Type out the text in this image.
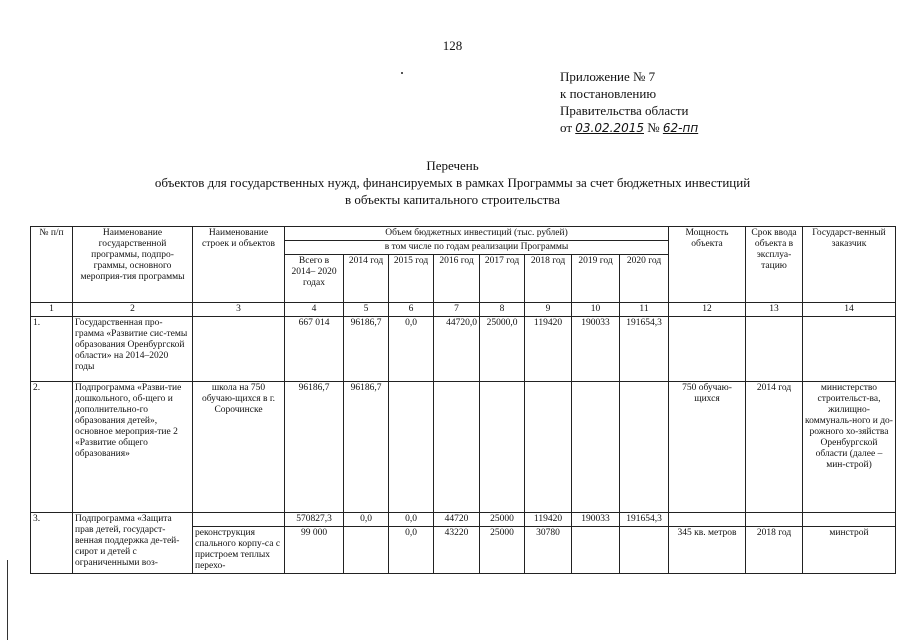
128
Приложение № 7
к постановлению
Правительства области
от 03.02.2015 № 62-пп
Перечень
объектов для государственных нужд, финансируемых в рамках Программы за счет бюджетных инвестиций
в объекты капитального строительства
№ п/п	Наименование государственной программы, подпро-граммы, основного мероприя-тия программы	Наименование строек и объектов	Объем бюджетных инвестиций (тыс. рублей)								Мощность объекта	Срок ввода объекта в эксплуа-тацию	Государст-венный заказчик
			в том числе по годам реализации Программы										
			Всего в 2014– 2020 годах	2014 год	2015 год	2016 год	2017 год	2018 год	2019 год	2020 год			
1	2	3	4	5	6	7	8	9	10	11	12	13	14
1.	Государственная про-грамма «Развитие сис-темы образования Оренбургской области» на 2014–2020 годы		667 014	96186,7	0,0	44720,0	25000,0	119420	190033	191654,3			
2.	Подпрограмма «Разви-тие дошкольного, об-щего и дополнительно-го образования детей», основное мероприя-тие 2 «Развитие общего образования»	школа на 750 обучаю-щихся в г. Сорочинске	96186,7	96186,7							750 обучаю-щихся	2014 год	министерство строительст-ва, жилищно-коммуналь-ного и до-рожного хо-зяйства Оренбургской области (далее – мин-строй)
3.	Подпрограмма «Защита прав детей, государст-венная поддержка де-тей-сирот и детей с ограниченными воз-		570827,3	0,0	0,0	44720	25000	119420	190033	191654,3			
		реконструкция спального корпу-са с пристроем теплых перехо-	99 000		0,0	43220	25000	30780			345 кв. метров	2018 год	минстрой
